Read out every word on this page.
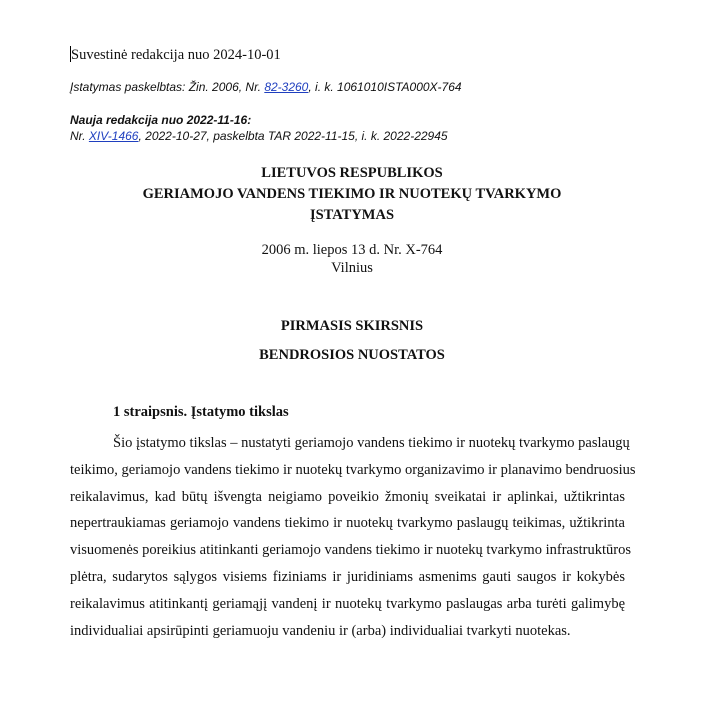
Suvestinė redakcija nuo 2024-10-01
Įstatymas paskelbtas: Žin. 2006, Nr. 82-3260, i. k. 1061010ISTA000X-764
Nauja redakcija nuo 2022-11-16:
Nr. XIV-1466, 2022-10-27, paskelbta TAR 2022-11-15, i. k. 2022-22945
LIETUVOS RESPUBLIKOS
GERIAMOJO VANDENS TIEKIMO IR NUOTEKŲ TVARKYMO
ĮSTATYMAS
2006 m. liepos 13 d. Nr. X-764
Vilnius
PIRMASIS SKIRSNIS
BENDROSIOS NUOSTATOS
1 straipsnis. Įstatymo tikslas
Šio įstatymo tikslas – nustatyti geriamojo vandens tiekimo ir nuotekų tvarkymo paslaugų
teikimo, geriamojo vandens tiekimo ir nuotekų tvarkymo organizavimo ir planavimo bendruosius
reikalavimus, kad būtų išvengta neigiamo poveikio žmonių sveikatai ir aplinkai, užtikrintas
nepertraukiamas geriamojo vandens tiekimo ir nuotekų tvarkymo paslaugų teikimas, užtikrinta
visuomenės poreikius atitinkanti geriamojo vandens tiekimo ir nuotekų tvarkymo infrastruktūros
plėtra, sudarytos sąlygos visiems fiziniams ir juridiniams asmenims gauti saugos ir kokybės
reikalavimus atitinkantį geriamąjį vandenį ir nuotekų tvarkymo paslaugas arba turėti galimybę
individualiai apsirūpinti geriamuoju vandeniu ir (arba) individualiai tvarkyti nuotekas.
